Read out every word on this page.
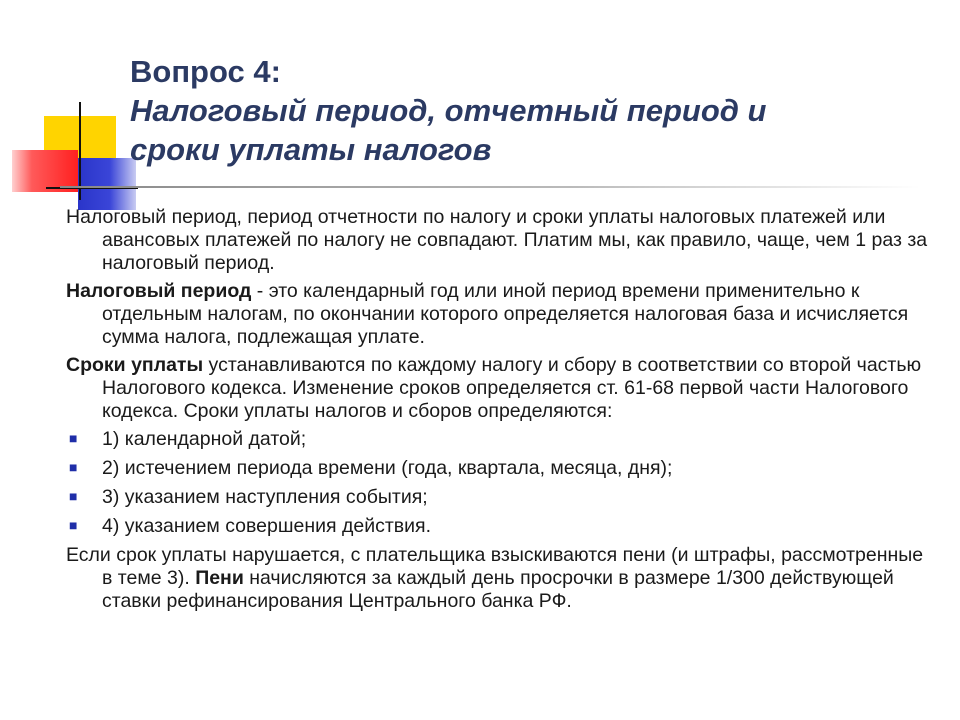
Вопрос 4:
Налоговый период, отчетный период и
сроки уплаты налогов

Налоговый период, период отчетности по налогу и сроки уплаты налоговых платежей или авансовых платежей по налогу не совпадают. Платим мы, как правило, чаще, чем 1 раз за налоговый период.

Налоговый период - это календарный год или иной период времени применительно к отдельным налогам, по окончании которого определяется налоговая база и исчисляется сумма налога, подлежащая уплате.

Сроки уплаты устанавливаются по каждому налогу и сбору в соответствии со второй частью Налогового кодекса. Изменение сроков определяется ст. 61-68 первой части Налогового кодекса. Сроки уплаты налогов и сборов определяются:

■ 1) календарной датой;
■ 2) истечением периода времени (года, квартала, месяца, дня);
■ 3) указанием наступления события;
■ 4) указанием совершения действия.

Если срок уплаты нарушается, с плательщика взыскиваются пени (и штрафы, рассмотренные в теме 3). Пени начисляются за каждый день просрочки в размере 1/300 действующей ставки рефинансирования Центрального банка РФ.
